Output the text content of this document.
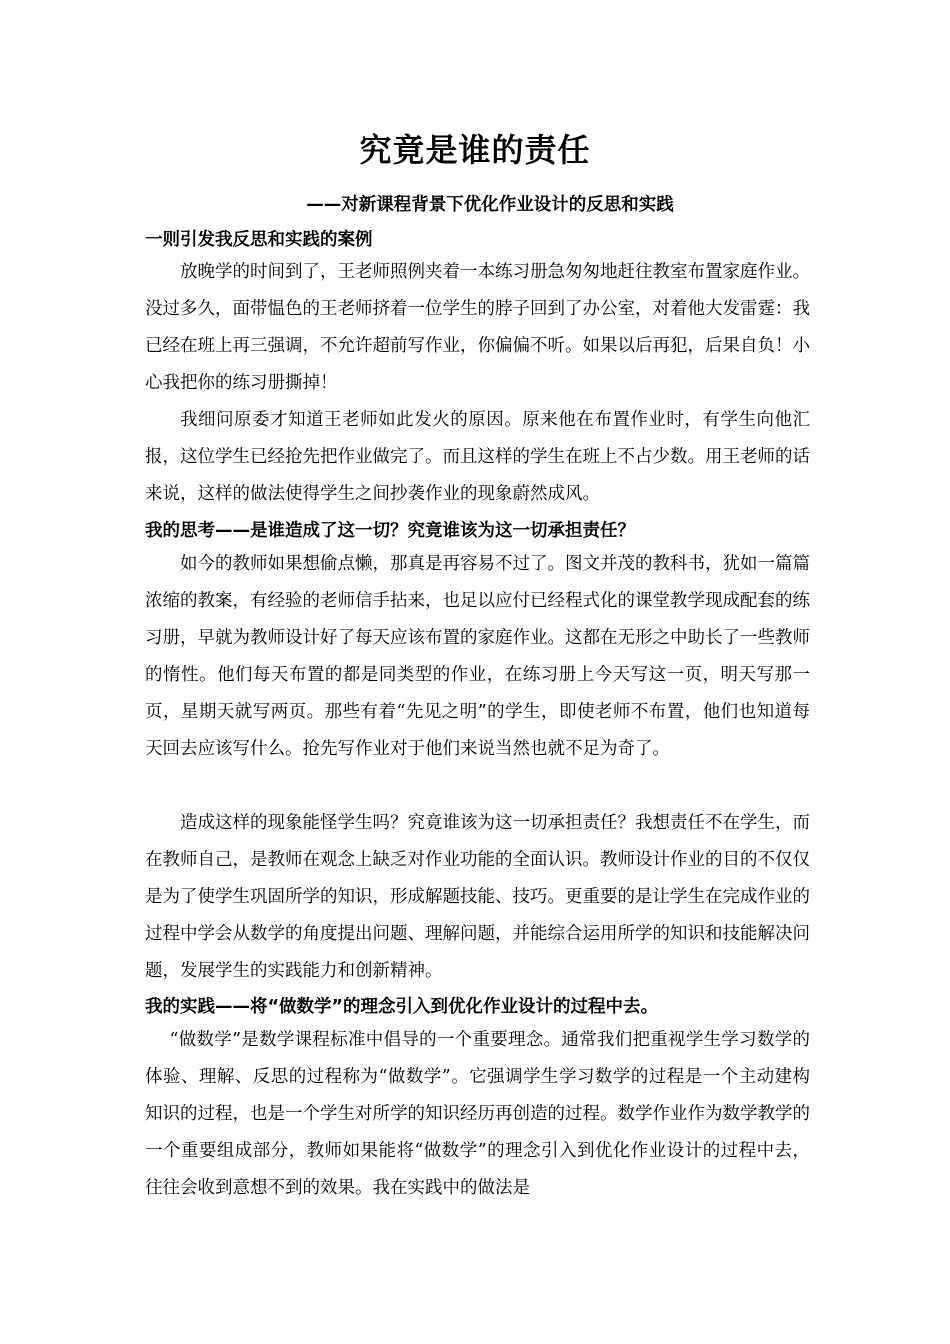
究竟是谁的责任
——对新课程背景下优化作业设计的反思和实践
一则引发我反思和实践的案例

放晚学的时间到了，王老师照例夹着一本练习册急匆匆地赶往教室布置家庭作业。没过多久，面带愠色的王老师挤着一位学生的脖子回到了办公室，对着他大发雷霆：我已经在班上再三强调，不允许超前写作业，你偏偏不听。如果以后再犯，后果自负！小心我把你的练习册撕掉！

我细问原委才知道王老师如此发火的原因。原来他在布置作业时，有学生向他汇报，这位学生已经抢先把作业做完了。而且这样的学生在班上不占少数。用王老师的话来说，这样的做法使得学生之间抄袭作业的现象蔚然成风。

我的思考——是谁造成了这一切？究竟谁该为这一切承担责任？

如今的教师如果想偷点懒，那真是再容易不过了。图文并茂的教科书，犹如一篇篇浓缩的教案，有经验的老师信手拈来，也足以应付已经程式化的课堂教学现成配套的练习册，早就为教师设计好了每天应该布置的家庭作业。这都在无形之中助长了一些教师的惰性。他们每天布置的都是同类型的作业，在练习册上今天写这一页，明天写那一页，星期天就写两页。那些有着“先见之明”的学生，即使老师不布置，他们也知道每天回去应该写什么。抢先写作业对于他们来说当然也就不足为奇了。

造成这样的现象能怪学生吗？究竟谁该为这一切承担责任？我想责任不在学生，而在教师自己，是教师在观念上缺乏对作业功能的全面认识。教师设计作业的目的不仅仅是为了使学生巩固所学的知识，形成解题技能、技巧。更重要的是让学生在完成作业的过程中学会从数学的角度提出问题、理解问题，并能综合运用所学的知识和技能解决问题，发展学生的实践能力和创新精神。

我的实践——将“做数学”的理念引入到优化作业设计的过程中去。

“做数学”是数学课程标准中倡导的一个重要理念。通常我们把重视学生学习数学的体验、理解、反思的过程称为“做数学”。它强调学生学习数学的过程是一个主动建构知识的过程，也是一个学生对所学的知识经历再创造的过程。数学作业作为数学教学的一个重要组成部分，教师如果能将“做数学”的理念引入到优化作业设计的过程中去，往往会收到意想不到的效果。我在实践中的做法是
